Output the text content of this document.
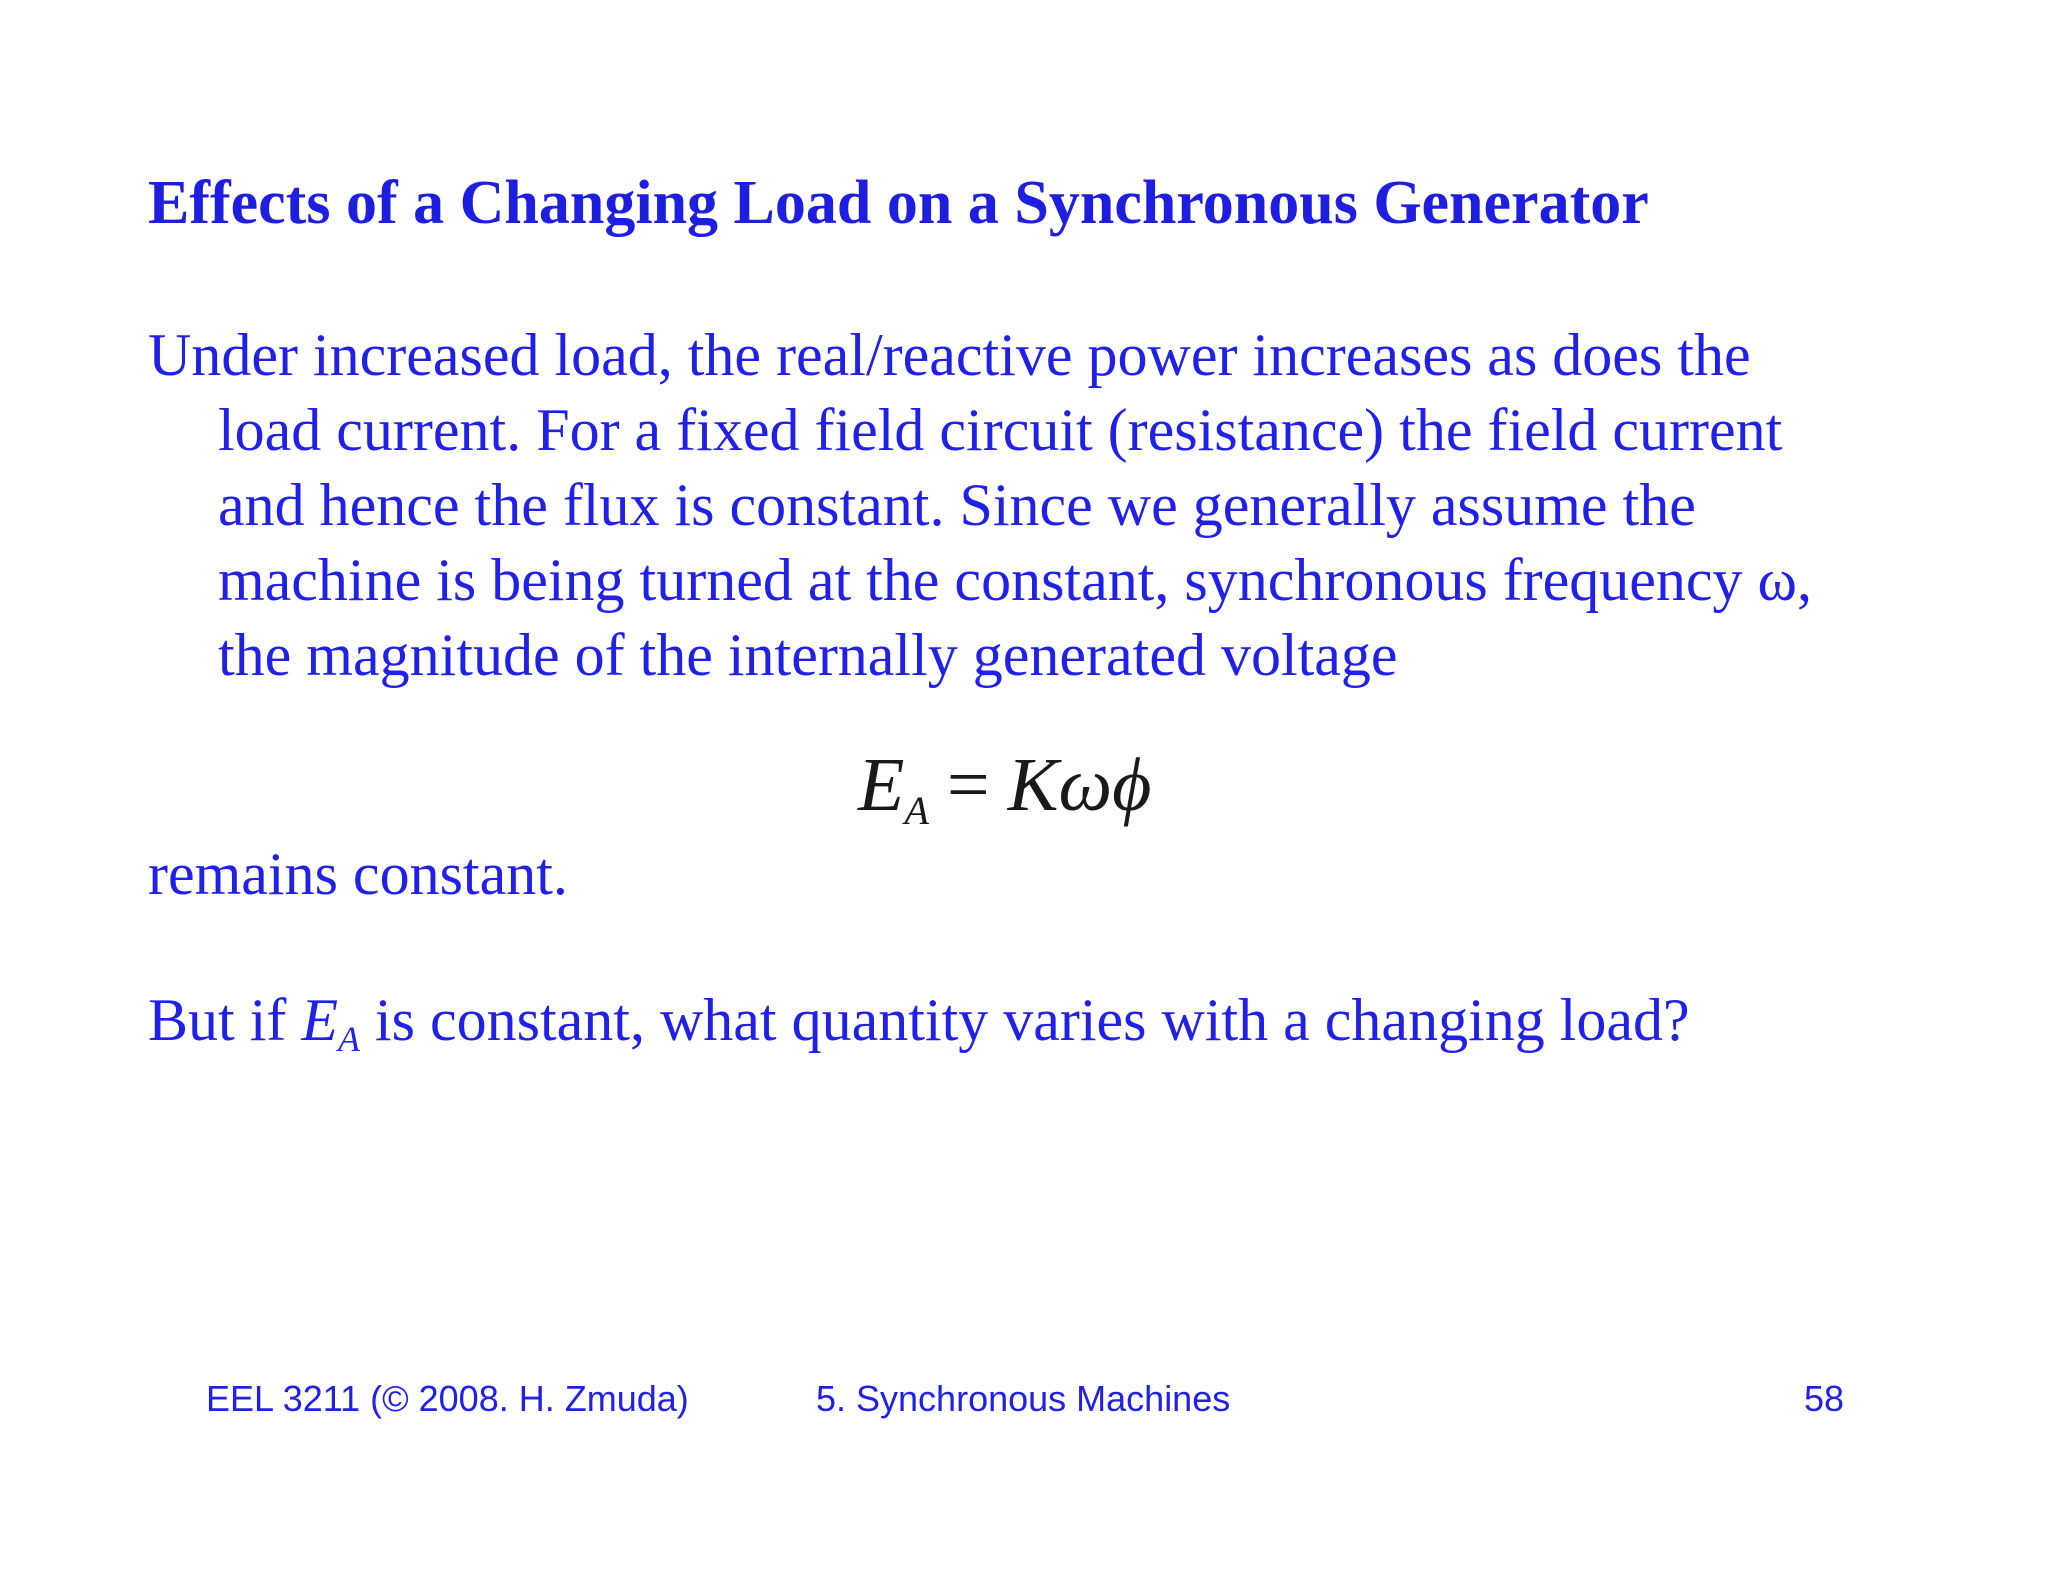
Effects of a Changing Load on a Synchronous Generator
Under increased load, the real/reactive power increases as does the
load current. For a fixed field circuit (resistance) the field current
and hence the flux is constant. Since we generally assume the
machine is being turned at the constant, synchronous frequency ω,
the magnitude of the internally generated voltage
$E_A = K\omega\phi$
remains constant.
But if $E_A$ is constant, what quantity varies with a changing load?
EEL 3211 (© 2008. H. Zmuda)	5. Synchronous Machines	58
